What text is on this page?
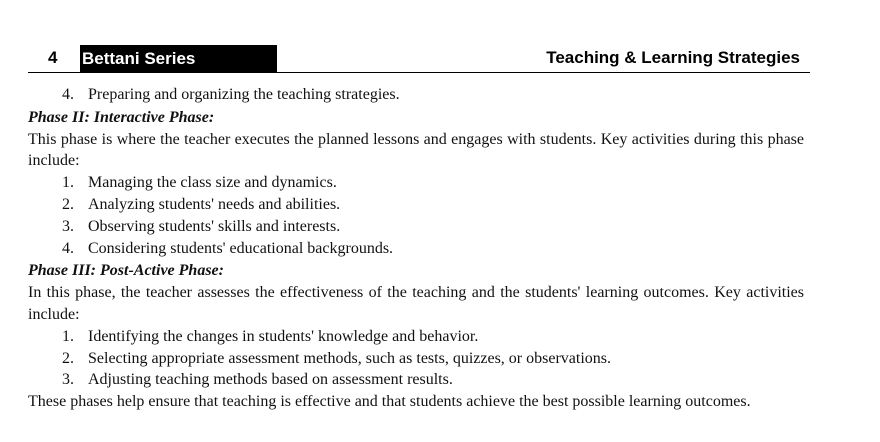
4 Bettani Series	Teaching & Learning Strategies
4. Preparing and organizing the teaching strategies.

Phase II: Interactive Phase:

This phase is where the teacher executes the planned lessons and engages with students. Key activities during this phase include:

1. Managing the class size and dynamics.
2. Analyzing students' needs and abilities.
3. Observing students' skills and interests.
4. Considering students' educational backgrounds.

Phase III: Post-Active Phase:

In this phase, the teacher assesses the effectiveness of the teaching and the students' learning outcomes. Key activities include:

1. Identifying the changes in students' knowledge and behavior.
2. Selecting appropriate assessment methods, such as tests, quizzes, or observations.
3. Adjusting teaching methods based on assessment results.

These phases help ensure that teaching is effective and that students achieve the best possible learning outcomes.
